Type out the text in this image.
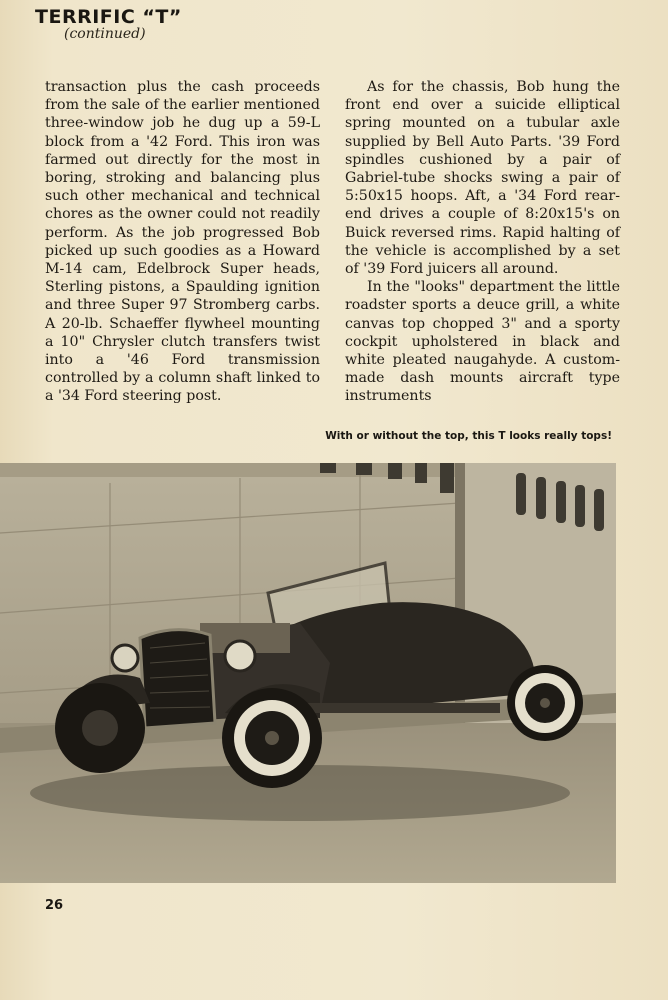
TERRIFIC “T”
(continued)

transaction plus the cash proceeds from the sale of the earlier mentioned three-window job he dug up a 59-L block from a '42 Ford. This iron was farmed out directly for the most in boring, stroking and balancing plus such other mechanical and technical chores as the owner could not readily perform. As the job progressed Bob picked up such goodies as a Howard M-14 cam, Edelbrock Super heads, Sterling pistons, a Spaulding ignition and three Super 97 Stromberg carbs. A 20-lb. Schaeffer flywheel mounting a 10" Chrysler clutch transfers twist into a '46 Ford transmission controlled by a column shaft linked to a '34 Ford steering post.

As for the chassis, Bob hung the front end over a suicide elliptical spring mounted on a tubular axle supplied by Bell Auto Parts. '39 Ford spindles cushioned by a pair of Gabriel-tube shocks swing a pair of 5:50x15 hoops. Aft, a '34 Ford rear-end drives a couple of 8:20x15's on Buick reversed rims. Rapid halting of the vehicle is accomplished by a set of '39 Ford juicers all around.

In the "looks" department the little roadster sports a deuce grill, a white canvas top chopped 3" and a sporty cockpit upholstered in black and white pleated naugahyde. A custom-made dash mounts aircraft type instruments

With or without the top, this T looks really tops!
26
